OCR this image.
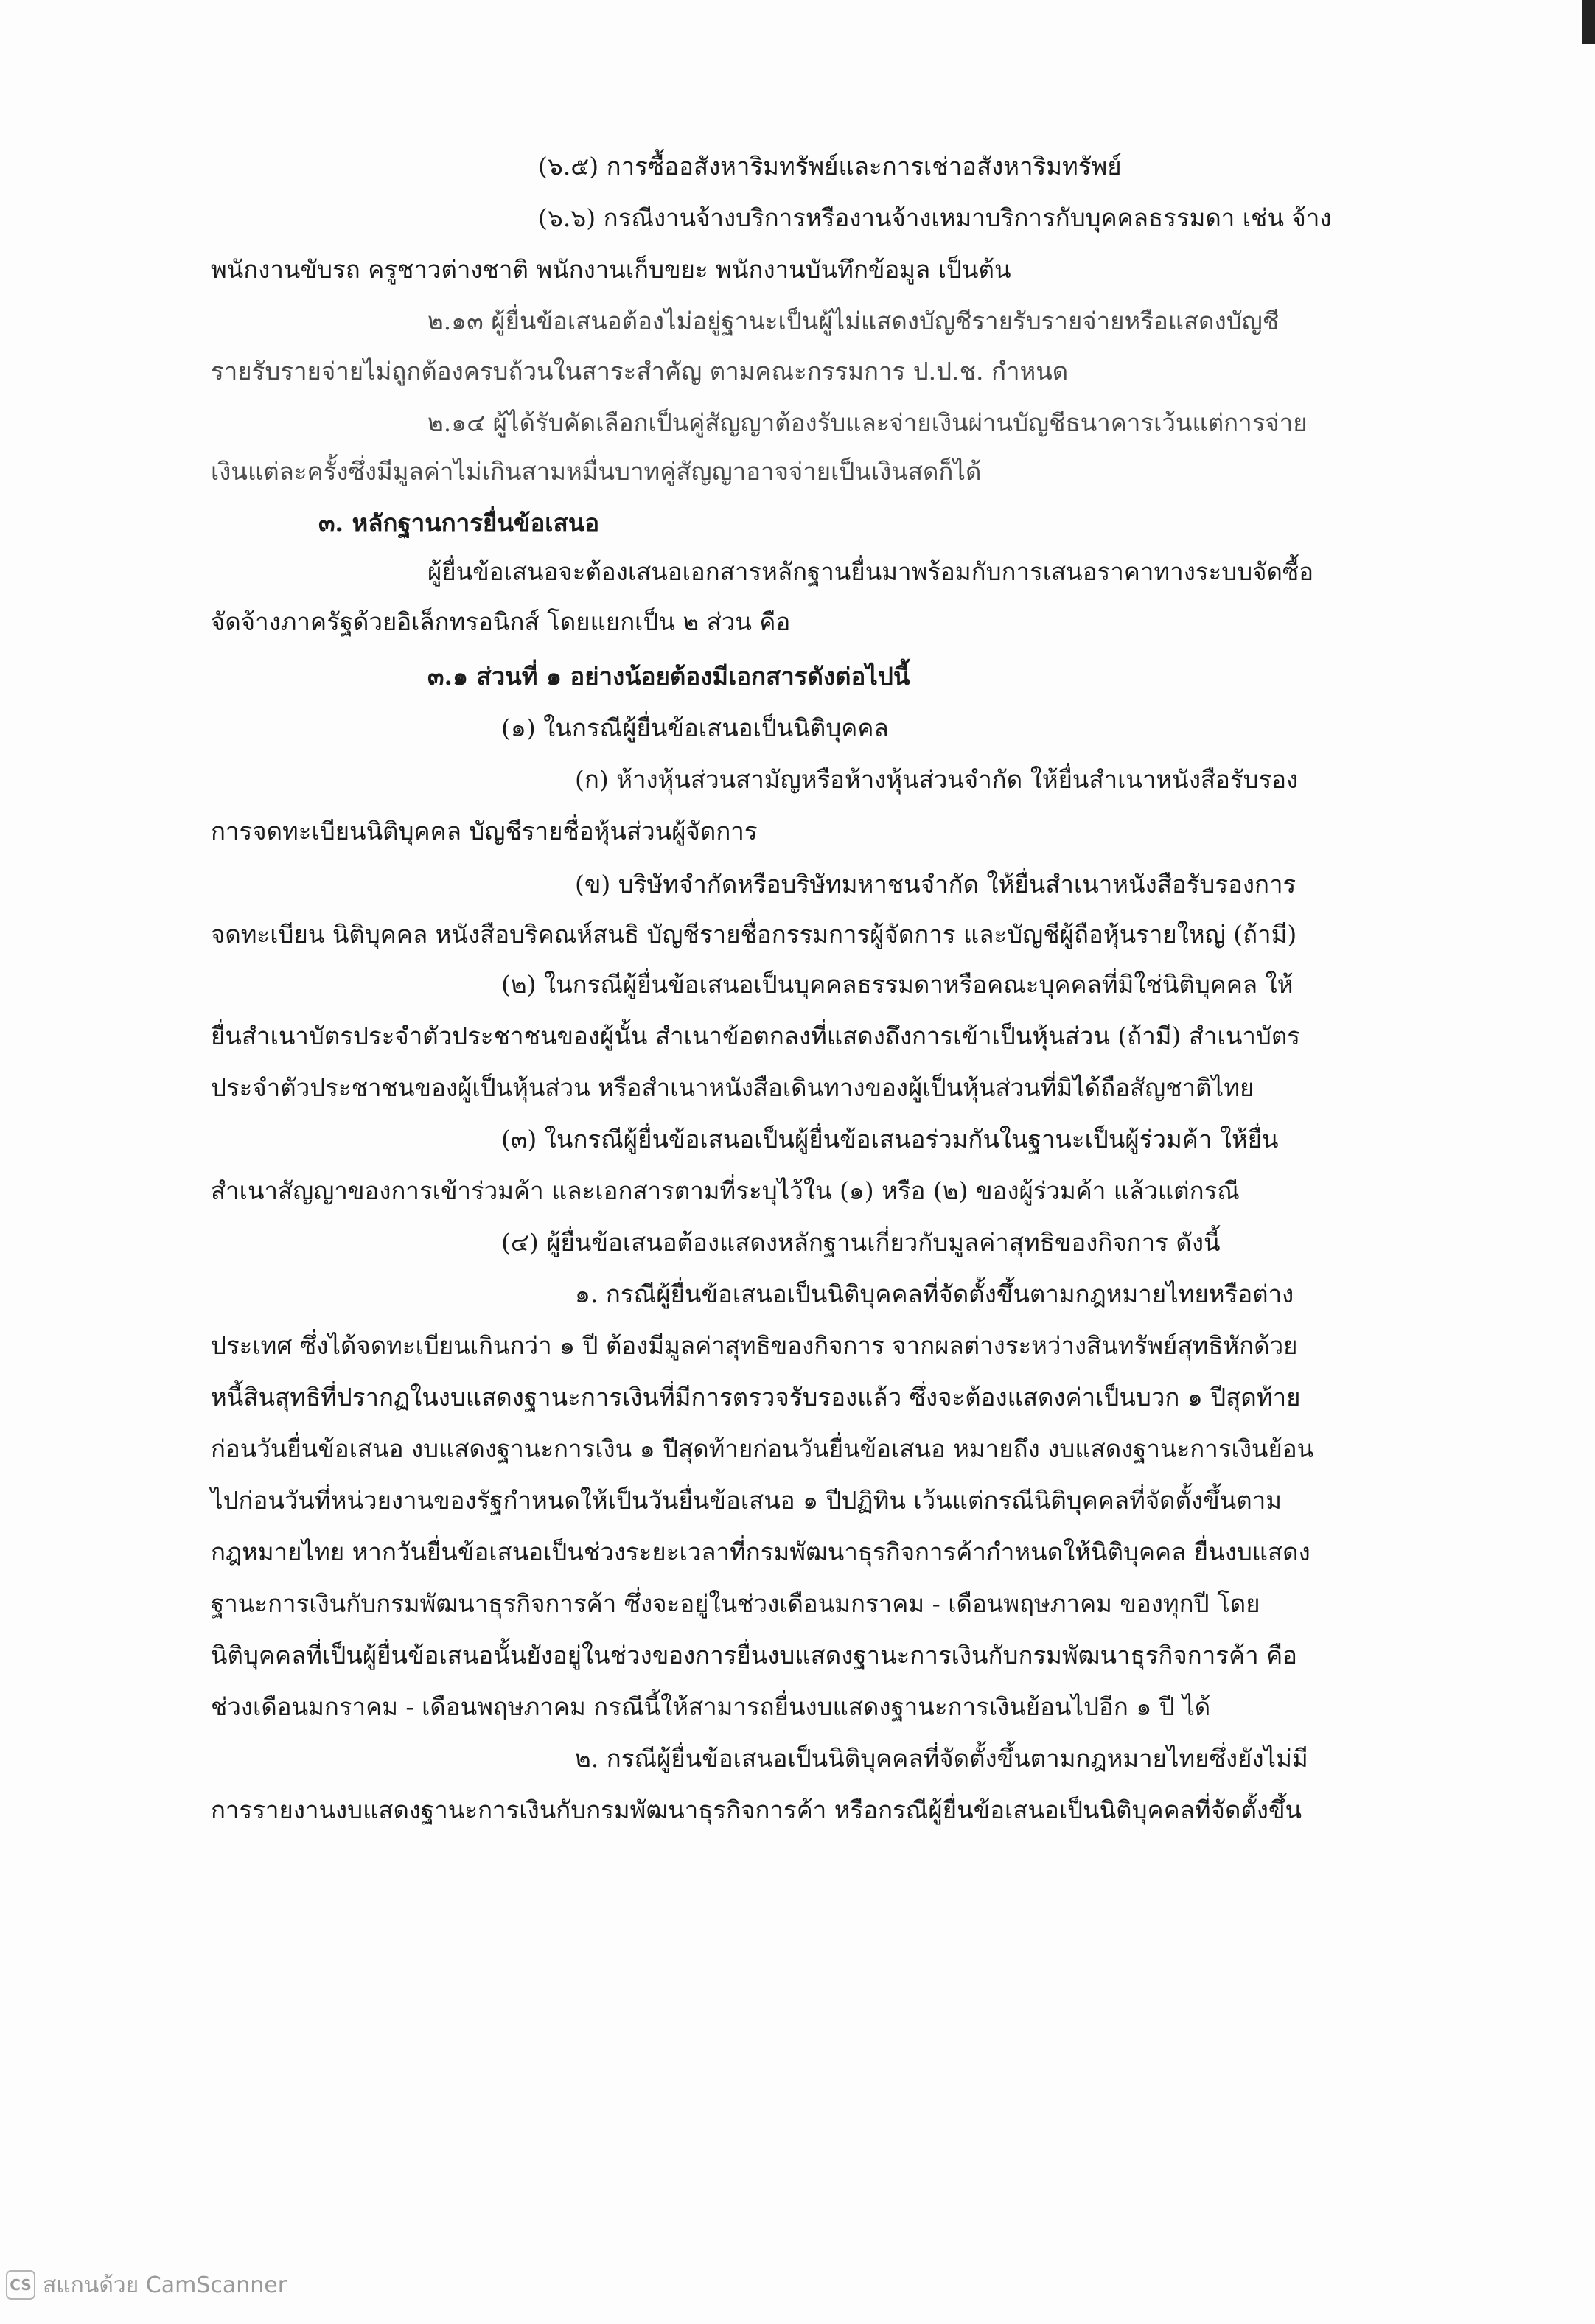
(๖.๕) การซื้ออสังหาริมทรัพย์และการเช่าอสังหาริมทรัพย์
(๖.๖) กรณีงานจ้างบริการหรืองานจ้างเหมาบริการกับบุคคลธรรมดา เช่น จ้าง
พนักงานขับรถ ครูชาวต่างชาติ พนักงานเก็บขยะ พนักงานบันทึกข้อมูล เป็นต้น
๒.๑๓ ผู้ยื่นข้อเสนอต้องไม่อยู่ฐานะเป็นผู้ไม่แสดงบัญชีรายรับรายจ่ายหรือแสดงบัญชี
รายรับรายจ่ายไม่ถูกต้องครบถ้วนในสาระสำคัญ ตามคณะกรรมการ ป.ป.ช. กำหนด
๒.๑๔ ผู้ได้รับคัดเลือกเป็นคู่สัญญาต้องรับและจ่ายเงินผ่านบัญชีธนาคารเว้นแต่การจ่าย
เงินแต่ละครั้งซึ่งมีมูลค่าไม่เกินสามหมื่นบาทคู่สัญญาอาจจ่ายเป็นเงินสดก็ได้
๓. หลักฐานการยื่นข้อเสนอ
ผู้ยื่นข้อเสนอจะต้องเสนอเอกสารหลักฐานยื่นมาพร้อมกับการเสนอราคาทางระบบจัดซื้อ
จัดจ้างภาครัฐด้วยอิเล็กทรอนิกส์ โดยแยกเป็น ๒ ส่วน คือ
๓.๑ ส่วนที่ ๑ อย่างน้อยต้องมีเอกสารดังต่อไปนี้
(๑) ในกรณีผู้ยื่นข้อเสนอเป็นนิติบุคคล
(ก) ห้างหุ้นส่วนสามัญหรือห้างหุ้นส่วนจำกัด ให้ยื่นสำเนาหนังสือรับรอง
การจดทะเบียนนิติบุคคล บัญชีรายชื่อหุ้นส่วนผู้จัดการ
(ข) บริษัทจำกัดหรือบริษัทมหาชนจำกัด ให้ยื่นสำเนาหนังสือรับรองการ
จดทะเบียน นิติบุคคล หนังสือบริคณห์สนธิ บัญชีรายชื่อกรรมการผู้จัดการ และบัญชีผู้ถือหุ้นรายใหญ่ (ถ้ามี)
(๒) ในกรณีผู้ยื่นข้อเสนอเป็นบุคคลธรรมดาหรือคณะบุคคลที่มิใช่นิติบุคคล ให้
ยื่นสำเนาบัตรประจำตัวประชาชนของผู้นั้น สำเนาข้อตกลงที่แสดงถึงการเข้าเป็นหุ้นส่วน (ถ้ามี) สำเนาบัตร
ประจำตัวประชาชนของผู้เป็นหุ้นส่วน หรือสำเนาหนังสือเดินทางของผู้เป็นหุ้นส่วนที่มิได้ถือสัญชาติไทย
(๓) ในกรณีผู้ยื่นข้อเสนอเป็นผู้ยื่นข้อเสนอร่วมกันในฐานะเป็นผู้ร่วมค้า ให้ยื่น
สำเนาสัญญาของการเข้าร่วมค้า และเอกสารตามที่ระบุไว้ใน (๑) หรือ (๒) ของผู้ร่วมค้า แล้วแต่กรณี
(๔) ผู้ยื่นข้อเสนอต้องแสดงหลักฐานเกี่ยวกับมูลค่าสุทธิของกิจการ ดังนี้
๑. กรณีผู้ยื่นข้อเสนอเป็นนิติบุคคลที่จัดตั้งขึ้นตามกฎหมายไทยหรือต่าง
ประเทศ ซึ่งได้จดทะเบียนเกินกว่า ๑ ปี ต้องมีมูลค่าสุทธิของกิจการ จากผลต่างระหว่างสินทรัพย์สุทธิหักด้วย
หนี้สินสุทธิที่ปรากฏในงบแสดงฐานะการเงินที่มีการตรวจรับรองแล้ว ซึ่งจะต้องแสดงค่าเป็นบวก ๑ ปีสุดท้าย
ก่อนวันยื่นข้อเสนอ งบแสดงฐานะการเงิน ๑ ปีสุดท้ายก่อนวันยื่นข้อเสนอ หมายถึง งบแสดงฐานะการเงินย้อน
ไปก่อนวันที่หน่วยงานของรัฐกำหนดให้เป็นวันยื่นข้อเสนอ ๑ ปีปฏิทิน เว้นแต่กรณีนิติบุคคลที่จัดตั้งขึ้นตาม
กฎหมายไทย หากวันยื่นข้อเสนอเป็นช่วงระยะเวลาที่กรมพัฒนาธุรกิจการค้ากำหนดให้นิติบุคคล ยื่นงบแสดง
ฐานะการเงินกับกรมพัฒนาธุรกิจการค้า ซึ่งจะอยู่ในช่วงเดือนมกราคม - เดือนพฤษภาคม ของทุกปี โดย
นิติบุคคลที่เป็นผู้ยื่นข้อเสนอนั้นยังอยู่ในช่วงของการยื่นงบแสดงฐานะการเงินกับกรมพัฒนาธุรกิจการค้า คือ
ช่วงเดือนมกราคม - เดือนพฤษภาคม กรณีนี้ให้สามารถยื่นงบแสดงฐานะการเงินย้อนไปอีก ๑ ปี ได้
๒. กรณีผู้ยื่นข้อเสนอเป็นนิติบุคคลที่จัดตั้งขึ้นตามกฎหมายไทยซึ่งยังไม่มี
การรายงานงบแสดงฐานะการเงินกับกรมพัฒนาธุรกิจการค้า หรือกรณีผู้ยื่นข้อเสนอเป็นนิติบุคคลที่จัดตั้งขึ้น
CS สแกนด้วย CamScanner
